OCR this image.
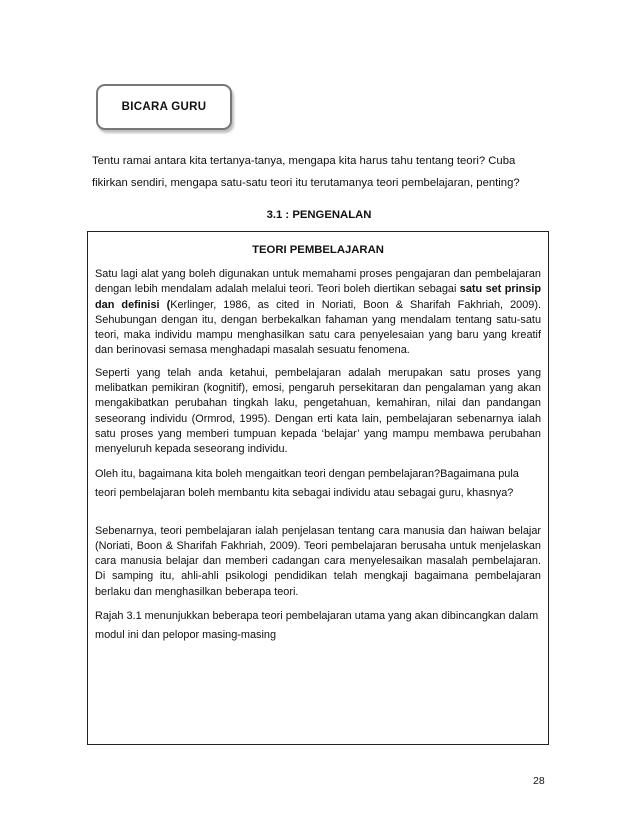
BICARA GURU

Tentu ramai antara kita tertanya-tanya, mengapa kita harus tahu tentang teori? Cuba fikirkan sendiri, mengapa satu-satu teori itu terutamanya teori pembelajaran, penting?

3.1 : PENGENALAN
TEORI PEMBELAJARAN

Satu lagi alat yang boleh digunakan untuk memahami proses pengajaran dan pembelajaran dengan lebih mendalam adalah melalui teori. Teori boleh diertikan sebagai satu set prinsip dan definisi (Kerlinger, 1986, as cited in Noriati, Boon & Sharifah Fakhriah, 2009). Sehubungan dengan itu, dengan berbekalkan fahaman yang mendalam tentang satu-satu teori, maka individu mampu menghasilkan satu cara penyelesaian yang baru yang kreatif dan berinovasi semasa menghadapi masalah sesuatu fenomena.

Seperti yang telah anda ketahui, pembelajaran adalah merupakan satu proses yang melibatkan pemikiran (kognitif), emosi, pengaruh persekitaran dan pengalaman yang akan mengakibatkan perubahan tingkah laku, pengetahuan, kemahiran, nilai dan pandangan seseorang individu (Ormrod, 1995). Dengan erti kata lain, pembelajaran sebenarnya ialah satu proses yang memberi tumpuan kepada ‘belajar’ yang mampu membawa perubahan menyeluruh kepada seseorang individu.

Oleh itu, bagaimana kita boleh mengaitkan teori dengan pembelajaran?Bagaimana pula teori pembelajaran boleh membantu kita sebagai individu atau sebagai guru, khasnya?

Sebenarnya, teori pembelajaran ialah penjelasan tentang cara manusia dan haiwan belajar (Noriati, Boon & Sharifah Fakhriah, 2009). Teori pembelajaran berusaha untuk menjelaskan cara manusia belajar dan memberi cadangan cara menyelesaikan masalah pembelajaran. Di samping itu, ahli-ahli psikologi pendidikan telah mengkaji bagaimana pembelajaran berlaku dan menghasilkan beberapa teori.

Rajah 3.1 menunjukkan beberapa teori pembelajaran utama yang akan dibincangkan dalam modul ini dan pelopor masing-masing

28
